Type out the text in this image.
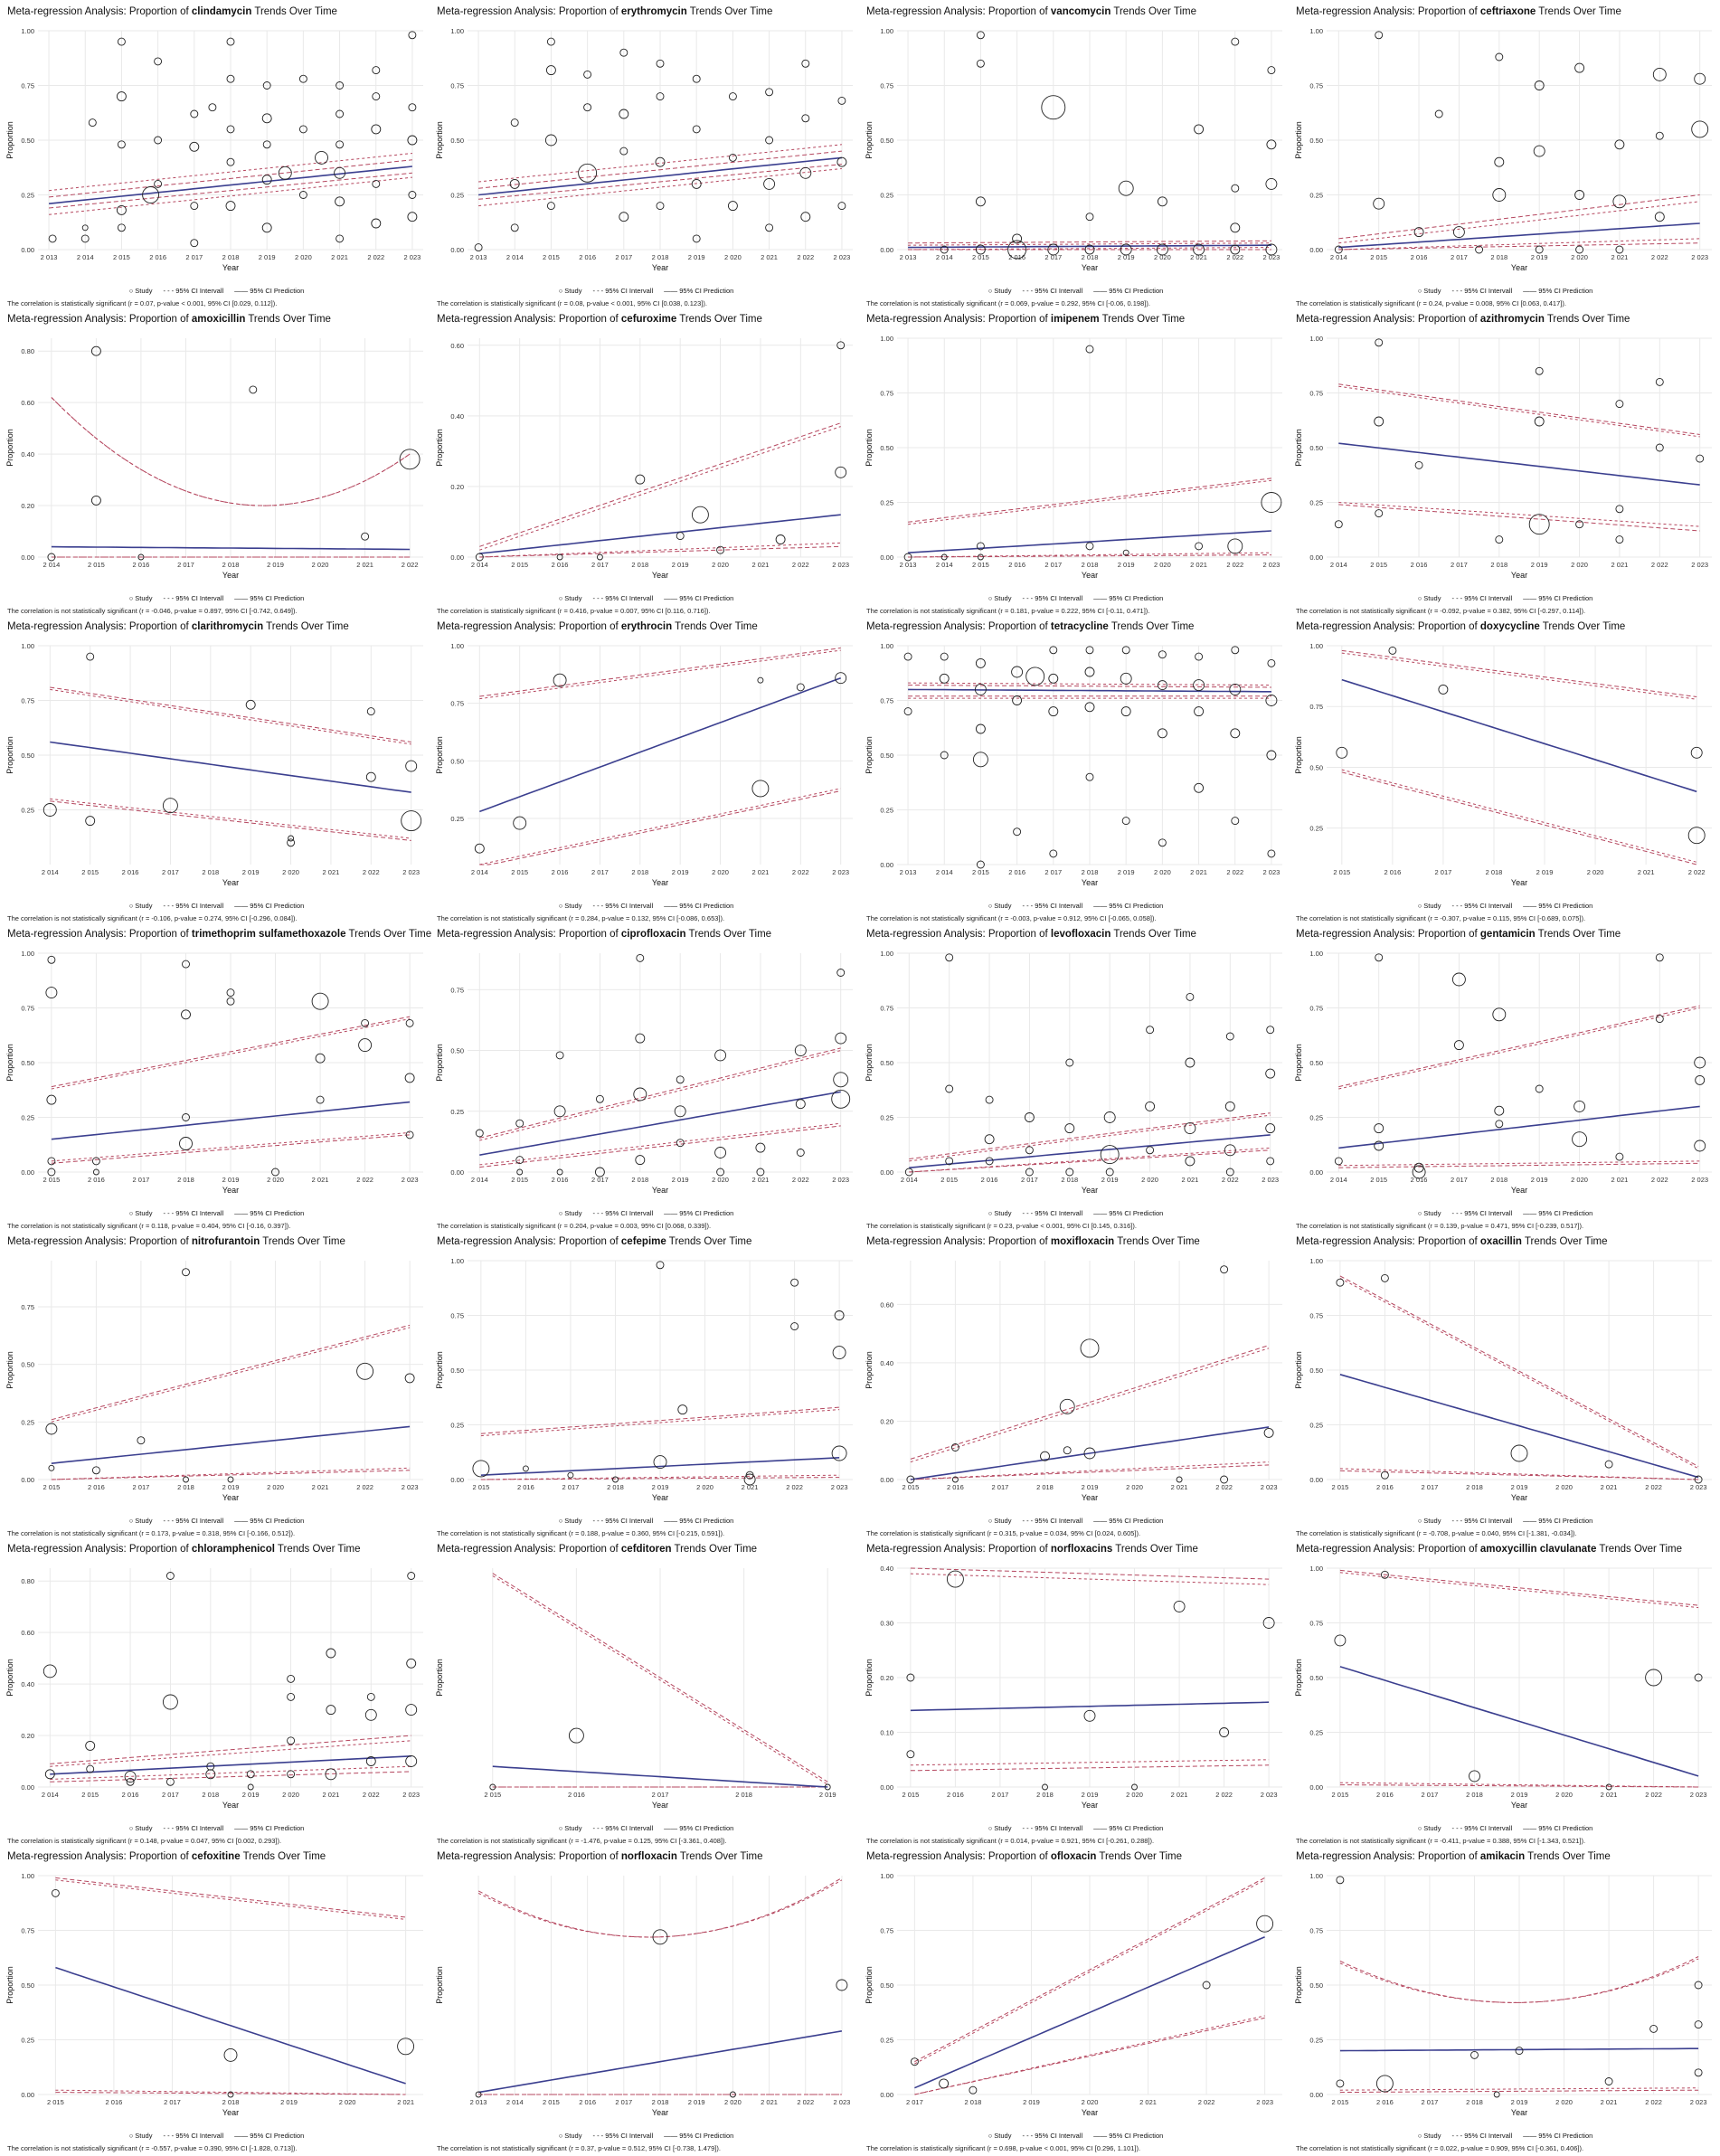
Meta-regression Analysis: Proportion of clindamycin Trends Over Time
0.00
0.25
0.50
0.75
1.00
2 013	2 014	2 015	2 016	2 017	2 018	2 019	2 020	2 021	2 022	2 023
Year
Proportion
○ Study - - - 95% CI Intervall —— 95% CI Prediction
The correlation is statistically significant (r = 0.07, p-value < 0.001, 95% CI [0.029, 0.112]).
Meta-regression Analysis: Proportion of erythromycin Trends Over Time
0.00
0.25
0.50
0.75
1.00
2 013	2 014	2 015	2 016	2 017	2 018	2 019	2 020	2 021	2 022	2 023
Year
Proportion
○ Study - - - 95% CI Intervall —— 95% CI Prediction
The correlation is statistically significant (r = 0.08, p-value < 0.001, 95% CI [0.038, 0.123]).
Meta-regression Analysis: Proportion of vancomycin Trends Over Time
0.00
0.25
0.50
0.75
1.00
2 013	2 014	2 015	2 016	2 017	2 018	2 019	2 020	2 021	2 022	2 023
Year
Proportion
○ Study - - - 95% CI Intervall —— 95% CI Prediction
The correlation is not statistically significant (r = 0.069, p-value = 0.292, 95% CI [-0.06, 0.198]).
Meta-regression Analysis: Proportion of ceftriaxone Trends Over Time
0.00
0.25
0.50
0.75
1.00
2 014	2 015	2 016	2 017	2 018	2 019	2 020	2 021	2 022	2 023
Year
Proportion
○ Study - - - 95% CI Intervall —— 95% CI Prediction
The correlation is statistically significant (r = 0.24, p-value = 0.008, 95% CI [0.063, 0.417]).
Meta-regression Analysis: Proportion of amoxicillin Trends Over Time
0.00
0.20
0.40
0.60
0.80
2 014	2 015	2 016	2 017	2 018	2 019	2 020	2 021	2 022
Year
Proportion
○ Study - - - 95% CI Intervall —— 95% CI Prediction
The correlation is not statistically significant (r = -0.046, p-value = 0.897, 95% CI [-0.742, 0.649]).
Meta-regression Analysis: Proportion of cefuroxime Trends Over Time
0.00
0.20
0.40
0.60
2 014	2 015	2 016	2 017	2 018	2 019	2 020	2 021	2 022	2 023
Year
Proportion
○ Study - - - 95% CI Intervall —— 95% CI Prediction
The correlation is statistically significant (r = 0.416, p-value = 0.007, 95% CI [0.116, 0.716]).
Meta-regression Analysis: Proportion of imipenem Trends Over Time
0.00
0.25
0.50
0.75
1.00
2 013	2 014	2 015	2 016	2 017	2 018	2 019	2 020	2 021	2 022	2 023
Year
Proportion
○ Study - - - 95% CI Intervall —— 95% CI Prediction
The correlation is not statistically significant (r = 0.181, p-value = 0.222, 95% CI [-0.11, 0.471]).
Meta-regression Analysis: Proportion of azithromycin Trends Over Time
0.00
0.25
0.50
0.75
1.00
2 014	2 015	2 016	2 017	2 018	2 019	2 020	2 021	2 022	2 023
Year
Proportion
○ Study - - - 95% CI Intervall —— 95% CI Prediction
The correlation is not statistically significant (r = -0.092, p-value = 0.382, 95% CI [-0.297, 0.114]).
Meta-regression Analysis: Proportion of clarithromycin Trends Over Time
0.25
0.50
0.75
1.00
2 014	2 015	2 016	2 017	2 018	2 019	2 020	2 021	2 022	2 023
Year
Proportion
○ Study - - - 95% CI Intervall —— 95% CI Prediction
The correlation is not statistically significant (r = -0.106, p-value = 0.274, 95% CI [-0.296, 0.084]).
Meta-regression Analysis: Proportion of erythrocin Trends Over Time
0.25
0.50
0.75
1.00
2 014	2 015	2 016	2 017	2 018	2 019	2 020	2 021	2 022	2 023
Year
Proportion
○ Study - - - 95% CI Intervall —— 95% CI Prediction
The correlation is not statistically significant (r = 0.284, p-value = 0.132, 95% CI [-0.086, 0.653]).
Meta-regression Analysis: Proportion of tetracycline Trends Over Time
0.00
0.25
0.50
0.75
1.00
2 013	2 014	2 015	2 016	2 017	2 018	2 019	2 020	2 021	2 022	2 023
Year
Proportion
○ Study - - - 95% CI Intervall —— 95% CI Prediction
The correlation is not statistically significant (r = -0.003, p-value = 0.912, 95% CI [-0.065, 0.058]).
Meta-regression Analysis: Proportion of doxycycline Trends Over Time
0.25
0.50
0.75
1.00
2 015	2 016	2 017	2 018	2 019	2 020	2 021	2 022
Year
Proportion
○ Study - - - 95% CI Intervall —— 95% CI Prediction
The correlation is not statistically significant (r = -0.307, p-value = 0.115, 95% CI [-0.689, 0.075]).
Meta-regression Analysis: Proportion of trimethoprim sulfamethoxazole Trends Over Time
0.00
0.25
0.50
0.75
1.00
2 015	2 016	2 017	2 018	2 019	2 020	2 021	2 022	2 023
Year
Proportion
○ Study - - - 95% CI Intervall —— 95% CI Prediction
The correlation is not statistically significant (r = 0.118, p-value = 0.404, 95% CI [-0.16, 0.397]).
Meta-regression Analysis: Proportion of ciprofloxacin Trends Over Time
0.00
0.25
0.50
0.75
2 014	2 015	2 016	2 017	2 018	2 019	2 020	2 021	2 022	2 023
Year
Proportion
○ Study - - - 95% CI Intervall —— 95% CI Prediction
The correlation is statistically significant (r = 0.204, p-value = 0.003, 95% CI [0.068, 0.339]).
Meta-regression Analysis: Proportion of levofloxacin Trends Over Time
0.00
0.25
0.50
0.75
1.00
2 014	2 015	2 016	2 017	2 018	2 019	2 020	2 021	2 022	2 023
Year
Proportion
○ Study - - - 95% CI Intervall —— 95% CI Prediction
The correlation is statistically significant (r = 0.23, p-value < 0.001, 95% CI [0.145, 0.316]).
Meta-regression Analysis: Proportion of gentamicin Trends Over Time
0.00
0.25
0.50
0.75
1.00
2 014	2 015	2 016	2 017	2 018	2 019	2 020	2 021	2 022	2 023
Year
Proportion
○ Study - - - 95% CI Intervall —— 95% CI Prediction
The correlation is not statistically significant (r = 0.139, p-value = 0.471, 95% CI [-0.239, 0.517]).
Meta-regression Analysis: Proportion of nitrofurantoin Trends Over Time
0.00
0.25
0.50
0.75
2 015	2 016	2 017	2 018	2 019	2 020	2 021	2 022	2 023
Year
Proportion
○ Study - - - 95% CI Intervall —— 95% CI Prediction
The correlation is not statistically significant (r = 0.173, p-value = 0.318, 95% CI [-0.166, 0.512]).
Meta-regression Analysis: Proportion of cefepime Trends Over Time
0.00
0.25
0.50
0.75
1.00
2 015	2 016	2 017	2 018	2 019	2 020	2 021	2 022	2 023
Year
Proportion
○ Study - - - 95% CI Intervall —— 95% CI Prediction
The correlation is not statistically significant (r = 0.188, p-value = 0.360, 95% CI [-0.215, 0.591]).
Meta-regression Analysis: Proportion of moxifloxacin Trends Over Time
0.00
0.20
0.40
0.60
2 015	2 016	2 017	2 018	2 019	2 020	2 021	2 022	2 023
Year
Proportion
○ Study - - - 95% CI Intervall —— 95% CI Prediction
The correlation is statistically significant (r = 0.315, p-value = 0.034, 95% CI [0.024, 0.605]).
Meta-regression Analysis: Proportion of oxacillin Trends Over Time
0.00
0.25
0.50
0.75
1.00
2 015	2 016	2 017	2 018	2 019	2 020	2 021	2 022	2 023
Year
Proportion
○ Study - - - 95% CI Intervall —— 95% CI Prediction
The correlation is statistically significant (r = -0.708, p-value = 0.040, 95% CI [-1.381, -0.034]).
Meta-regression Analysis: Proportion of chloramphenicol Trends Over Time
0.00
0.20
0.40
0.60
0.80
2 014	2 015	2 016	2 017	2 018	2 019	2 020	2 021	2 022	2 023
Year
Proportion
○ Study - - - 95% CI Intervall —— 95% CI Prediction
The correlation is statistically significant (r = 0.148, p-value = 0.047, 95% CI [0.002, 0.293]).
Meta-regression Analysis: Proportion of cefditoren Trends Over Time
2 015	2 016	2 017	2 018	2 019
Year
Proportion
○ Study - - - 95% CI Intervall —— 95% CI Prediction
The correlation is not statistically significant (r = -1.476, p-value = 0.125, 95% CI [-3.361, 0.408]).
Meta-regression Analysis: Proportion of norfloxacins Trends Over Time
0.00
0.10
0.20
0.30
0.40
2 015	2 016	2 017	2 018	2 019	2 020	2 021	2 022	2 023
Year
Proportion
○ Study - - - 95% CI Intervall —— 95% CI Prediction
The correlation is not statistically significant (r = 0.014, p-value = 0.921, 95% CI [-0.261, 0.288]).
Meta-regression Analysis: Proportion of amoxycillin clavulanate Trends Over Time
0.00
0.25
0.50
0.75
1.00
2 015	2 016	2 017	2 018	2 019	2 020	2 021	2 022	2 023
Year
Proportion
○ Study - - - 95% CI Intervall —— 95% CI Prediction
The correlation is not statistically significant (r = -0.411, p-value = 0.388, 95% CI [-1.343, 0.521]).
Meta-regression Analysis: Proportion of cefoxitine Trends Over Time
0.00
0.25
0.50
0.75
1.00
2 015	2 016	2 017	2 018	2 019	2 020	2 021
Year
Proportion
○ Study - - - 95% CI Intervall —— 95% CI Prediction
The correlation is not statistically significant (r = -0.557, p-value = 0.390, 95% CI [-1.828, 0.713]).
Meta-regression Analysis: Proportion of norfloxacin Trends Over Time
2 013	2 014	2 015	2 016	2 017	2 018	2 019	2 020	2 021	2 022	2 023
Year
Proportion
○ Study - - - 95% CI Intervall —— 95% CI Prediction
The correlation is not statistically significant (r = 0.37, p-value = 0.512, 95% CI [-0.738, 1.479]).
Meta-regression Analysis: Proportion of ofloxacin Trends Over Time
0.00
0.25
0.50
0.75
1.00
2 017	2 018	2 019	2 020	2 021	2 022	2 023
Year
Proportion
○ Study - - - 95% CI Intervall —— 95% CI Prediction
The correlation is statistically significant (r = 0.698, p-value < 0.001, 95% CI [0.296, 1.101]).
Meta-regression Analysis: Proportion of amikacin Trends Over Time
0.00
0.25
0.50
0.75
1.00
2 015	2 016	2 017	2 018	2 019	2 020	2 021	2 022	2 023
Year
Proportion
○ Study - - - 95% CI Intervall —— 95% CI Prediction
The correlation is not statistically significant (r = 0.022, p-value = 0.909, 95% CI [-0.361, 0.406]).
